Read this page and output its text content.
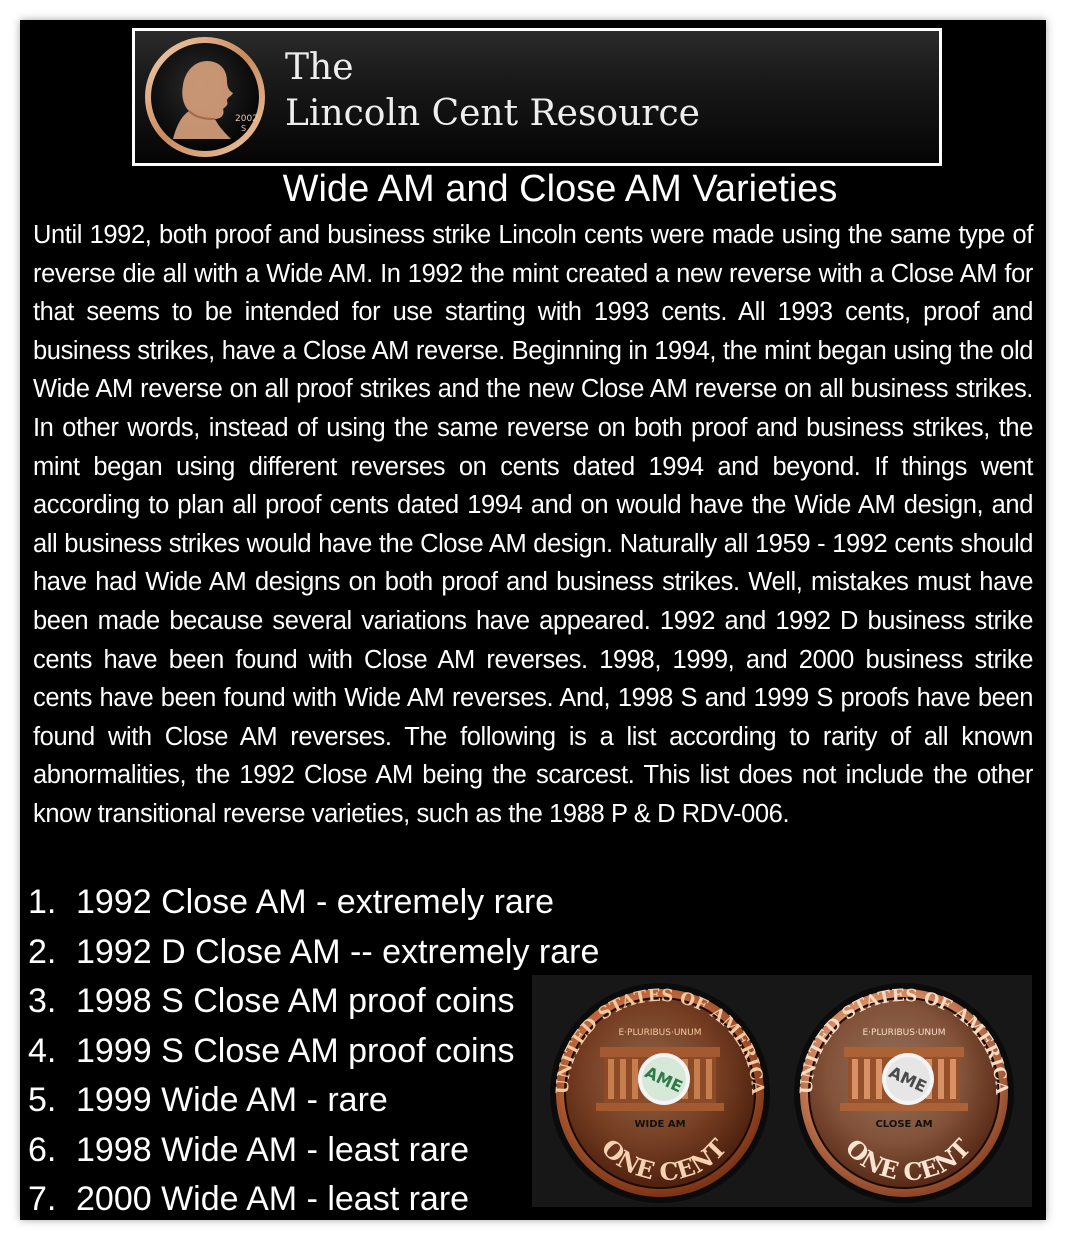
2002
S
The
Lincoln Cent Resource
Wide AM and Close AM Varieties

Until 1992, both proof and business strike Lincoln cents were made using the same type of reverse die all with a Wide AM. In 1992 the mint created a new reverse with a Close AM for that seems to be intended for use starting with 1993 cents. All 1993 cents, proof and business strikes, have a Close AM reverse. Beginning in 1994, the mint began using the old Wide AM reverse on all proof strikes and the new Close AM reverse on all business strikes. In other words, instead of using the same reverse on both proof and business strikes, the mint began using different reverses on cents dated 1994 and beyond. If things went according to plan all proof cents dated 1994 and on would have the Wide AM design, and all business strikes would have the Close AM design. Naturally all 1959 - 1992 cents should have had Wide AM designs on both proof and business strikes. Well, mistakes must have been made because several variations have appeared. 1992 and 1992 D business strike cents have been found with Close AM reverses. 1998, 1999, and 2000 business strike cents have been found with Wide AM reverses. And, 1998 S and 1999 S proofs have been found with Close AM reverses. The following is a list according to rarity of all known abnormalities, the 1992 Close AM being the scarcest. This list does not include the other know transitional reverse varieties, such as the 1988 P & D RDV-006.

1. 1992 Close AM - extremely rare
2. 1992 D Close AM -- extremely rare
3. 1998 S Close AM proof coins
4. 1999 S Close AM proof coins
5. 1999 Wide AM - rare
6. 1998 Wide AM - least rare
7. 2000 Wide AM - least rare
UNITED STATES OF AMERICA
E·PLURIBUS·UNUM
AME
WIDE AM
ONE CENT
UNITED STATES OF AMERICA
E·PLURIBUS·UNUM
AME
CLOSE AM
ONE CENT
